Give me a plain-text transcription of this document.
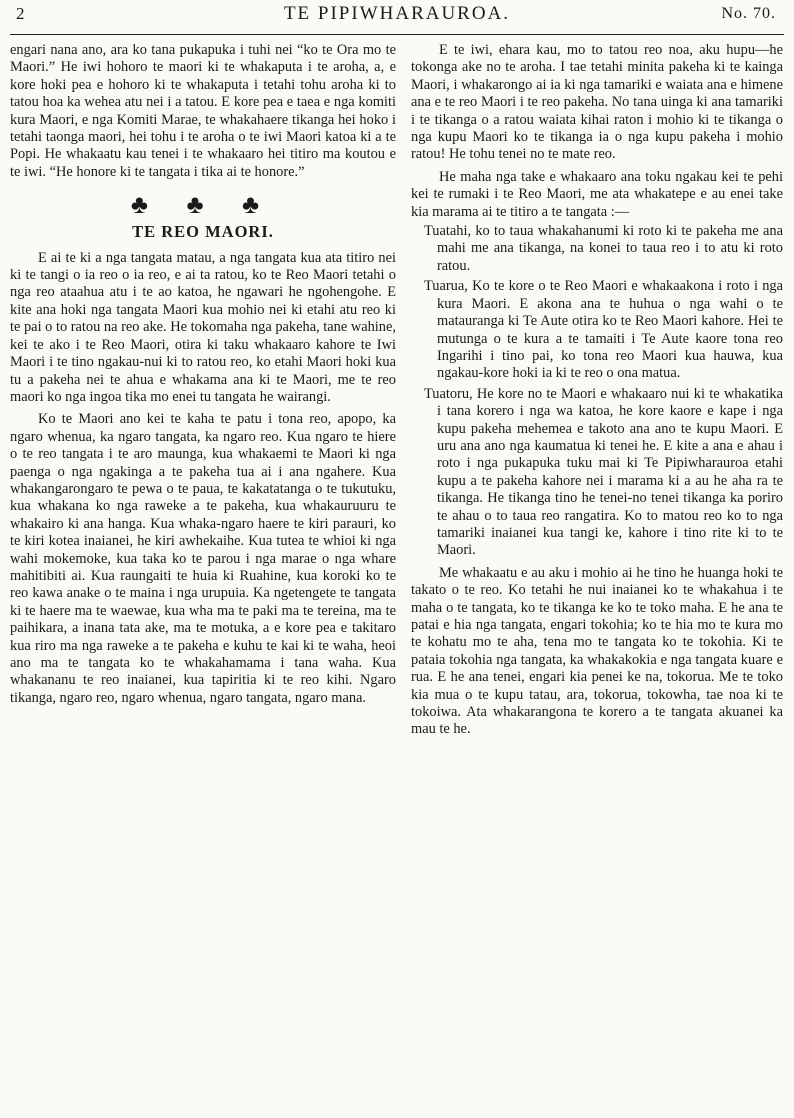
2	TE PIPIWHARAUROA.	No. 70.

engari nana ano, ara ko tana pukapuka i tuhi nei “ko te Ora mo te Maori.” He iwi hohoro te maori ki te whakaputa i te aroha, a, e kore hoki pea e hohoro ki te whakaputa i tetahi tohu aroha ki to tatou hoa ka wehea atu nei i a tatou. E kore pea e taea e nga komiti kura Maori, e nga Komiti Marae, te whakahaere tikanga hei hoko i tetahi taonga maori, hei tohu i te aroha o te iwi Maori katoa ki a te Popi. He whakaatu kau tenei i te whakaaro hei titiro ma koutou e te iwi. “He honore ki te tangata i tika ai te honore.”

♣ ♣ ♣
TE REO MAORI.

E ai te ki a nga tangata matau, a nga tangata kua ata titiro nei ki te tangi o ia reo o ia reo, e ai ta ratou, ko te Reo Maori tetahi o nga reo ataahua atu i te ao katoa, he ngawari he ngohengohe. E kite ana hoki nga tangata Maori kua mohio nei ki etahi atu reo ki te pai o to ratou na reo ake. He tokomaha nga pakeha, tane wahine, kei te ako i te Reo Maori, otira ki taku whakaaro kahore te Iwi Maori i te tino ngakau-nui ki to ratou reo, ko etahi Maori hoki kua tu a pakeha nei te ahua e whakama ana ki te Maori, me te reo maori ko nga ingoa tika mo enei tu tangata he wairangi.

Ko te Maori ano kei te kaha te patu i tona reo, apopo, ka ngaro whenua, ka ngaro tangata, ka ngaro reo. Kua ngaro te hiere o te reo tangata i te aro maunga, kua whakaemi te Maori ki nga paenga o nga ngakinga a te pakeha tua ai i ana ngahere. Kua whakangarongaro te pewa o te paua, te kakatatanga o te tukutuku, kua whakana ko nga raweke a te pakeha, kua whakauruuru te whakairo ki ana hanga. Kua whaka-ngaro haere te kiri parauri, ko te kiri kotea inaianei, he kiri awhekaihe. Kua tutea te whioi ki nga wahi mokemoke, kua taka ko te parou i nga marae o nga whare mahitibiti ai. Kua raungaiti te huia ki Ruahine, kua koroki ko te reo kawa anake o te maina i nga urupuia. Ka ngetengete te tangata ki te haere ma te waewae, kua wha ma te paki ma te tereina, ma te paihikara, a inana tata ake, ma te motuka, a e kore pea e takitaro kua riro ma nga raweke a te pakeha e kuhu te kai ki te waha, heoi ano ma te tangata ko te whakahamama i tana waha. Kua whakananu te reo inaianei, kua tapiritia ki te reo kihi. Ngaro tikanga, ngaro reo, ngaro whenua, ngaro tangata, ngaro mana.

E te iwi, ehara kau, mo to tatou reo noa, aku hupu—he tokonga ake no te aroha. I tae tetahi minita pakeha ki te kainga Maori, i whakarongo ai ia ki nga tamariki e waiata ana e himene ana e te reo Maori i te reo pakeha. No tana uinga ki ana tamariki i te tikanga o a ratou waiata kihai raton i mohio ki te tikanga o nga kupu Maori ko te tikanga ia o nga kupu pakeha i mohio ratou! He tohu tenei no te mate reo.

He maha nga take e whakaaro ana toku ngakau kei te pehi kei te rumaki i te Reo Maori, me ata whakatepe e au enei take kia marama ai te titiro a te tangata :—

Tuatahi, ko to taua whakahanumi ki roto ki te pakeha me ana mahi me ana tikanga, na konei to taua reo i to atu ki roto ratou.
Tuarua, Ko te kore o te Reo Maori e whakaakona i roto i nga kura Maori. E akona ana te huhua o nga wahi o te matauranga ki Te Aute otira ko te Reo Maori kahore. Hei te mutunga o te kura a te tamaiti i Te Aute kaore tona reo Ingarihi i tino pai, ko tona reo Maori kua hauwa, kua ngakau-kore hoki ia ki te reo o ona matua.
Tuatoru, He kore no te Maori e whakaaro nui ki te whakatika i tana korero i nga wa katoa, he kore kaore e kape i nga kupu pakeha mehemea e takoto ana ano te kupu Maori. E uru ana ano nga kaumatua ki tenei he. E kite a ana e ahau i roto i nga pukapuka tuku mai ki Te Pipiwharauroa etahi kupu a te pakeha kahore nei i marama ki a au he aha ra te tikanga. He tikanga tino he tenei-no tenei tikanga ka poriro te ahau o to taua reo rangatira. Ko to matou reo ko to nga tamariki inaianei kua tangi ke, kahore i tino rite ki to te Maori.

Me whakaatu e au aku i mohio ai he tino he huanga hoki te takato o te reo. Ko tetahi he nui inaianei ko te whakahua i te maha o te tangata, ko te tikanga ke ko te toko maha. E he ana te patai e hia nga tangata, engari tokohia; ko te hia mo te kura mo te kohatu mo te aha, tena mo te tangata ko te tokohia. Ki te pataia tokohia nga tangata, ka whakakokia e nga tangata kuare e rua. E he ana tenei, engari kia penei ke na, tokorua. Me te toko kia mua o te kupu tatau, ara, tokorua, tokowha, tae noa ki te tokoiwa. Ata whakarangona te korero a te tangata akuanei ka mau te he.
